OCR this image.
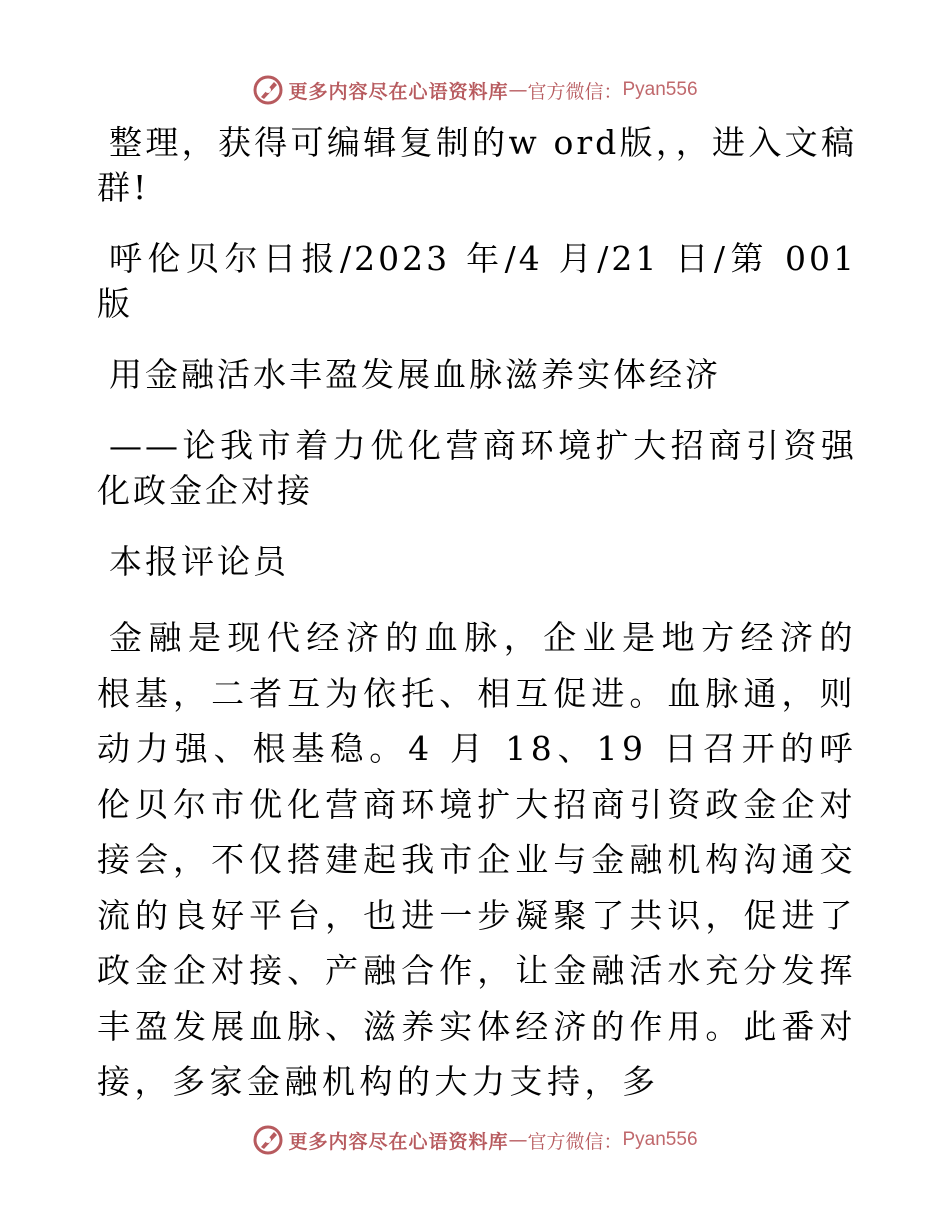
更多内容尽在心语资料库 — 官方微信： Pyan556

整理，获得可编辑复制的w ord版，，进入文稿群!

呼伦贝尔日报/2023 年/4 月/21 日/第 001 版

用金融活水丰盈发展血脉滋养实体经济

——论我市着力优化营商环境扩大招商引资强化政金企对接

本报评论员

金融是现代经济的血脉，企业是地方经济的根基，二者互为依托、相互促进。血脉通，则动力强、根基稳。4 月 18、19 日召开的呼伦贝尔市优化营商环境扩大招商引资政金企对接会，不仅搭建起我市企业与金融机构沟通交流的良好平台，也进一步凝聚了共识，促进了政金企对接、产融合作，让金融活水充分发挥丰盈发展血脉、滋养实体经济的作用。此番对接，多家金融机构的大力支持，多

更多内容尽在心语资料库 — 官方微信： Pyan556
